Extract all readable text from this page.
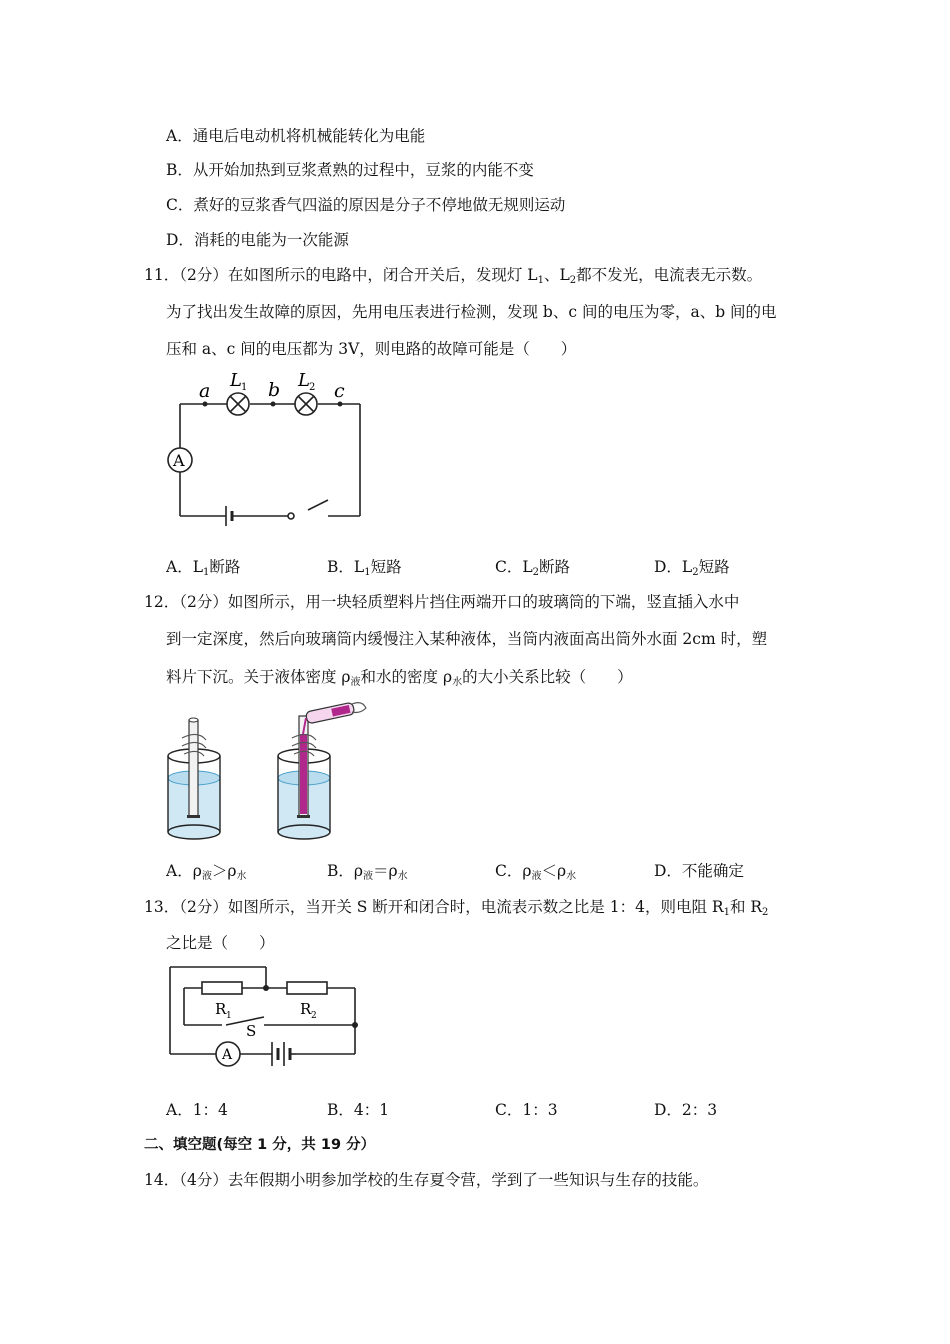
A．通电后电动机将机械能转化为电能
B．从开始加热到豆浆煮熟的过程中，豆浆的内能不变
C．煮好的豆浆香气四溢的原因是分子不停地做无规则运动
D．消耗的电能为一次能源
11．（2分）在如图所示的电路中，闭合开关后，发现灯 $L_1$、$L_2$都不发光，电流表无示数。
为了找出发生故障的原因，先用电压表进行检测，发现 b、c 间的电压为零，a、b 间的电
压和 a、c 间的电压都为 3V，则电路的故障可能是（　　）
a	b	c
L 1	L 2
A
A．$L_1$断路	B．$L_1$短路	C．$L_2$断路	D．$L_2$短路
12．（2分）如图所示，用一块轻质塑料片挡住两端开口的玻璃筒的下端，竖直插入水中
到一定深度，然后向玻璃筒内缓慢注入某种液体，当筒内液面高出筒外水面 2cm 时，塑
料片下沉。关于液体密度 $\rho_液$和水的密度 $\rho_水$的大小关系比较（　　）
A．$\rho_液>\rho_水$	B．$\rho_液=\rho_水$	C．$\rho_液<\rho_水$	D．不能确定
13．（2分）如图所示，当开关 S 断开和闭合时，电流表示数之比是 1：4，则电阻 $R_1$和 $R_2$
之比是（　　）
R 1	R 2
S
A
A．1：4	B．4：1	C．1：3	D．2：3
二、填空题(每空 1 分，共 19 分）
14．（4分）去年假期小明参加学校的生存夏令营，学到了一些知识与生存的技能。
